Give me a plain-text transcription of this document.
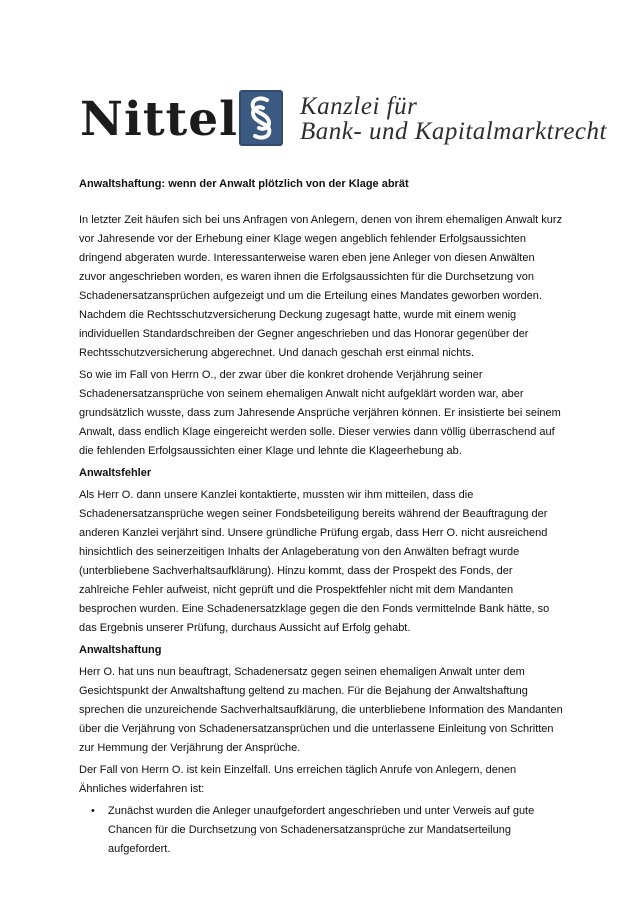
Nittel Kanzlei für
Bank- und Kapitalmarktrecht
Anwaltshaftung: wenn der Anwalt plötzlich von der Klage abrät

In letzter Zeit häufen sich bei uns Anfragen von Anlegern, denen von ihrem ehemaligen Anwalt kurz vor Jahresende vor der Erhebung einer Klage wegen angeblich fehlender Erfolgsaussichten dringend abgeraten wurde. Interessanterweise waren eben jene Anleger von diesen Anwälten zuvor angeschrieben worden, es waren ihnen die Erfolgsaussichten für die Durchsetzung von Schadenersatzansprüchen aufgezeigt und um die Erteilung eines Mandates geworben worden. Nachdem die Rechtsschutzversicherung Deckung zugesagt hatte, wurde mit einem wenig individuellen Standardschreiben der Gegner angeschrieben und das Honorar gegenüber der Rechtsschutzversicherung abgerechnet. Und danach geschah erst einmal nichts.

So wie im Fall von Herrn O., der zwar über die konkret drohende Verjährung seiner Schadenersatzansprüche von seinem ehemaligen Anwalt nicht aufgeklärt worden war, aber grundsätzlich wusste, dass zum Jahresende Ansprüche verjähren können. Er insistierte bei seinem Anwalt, dass endlich Klage eingereicht werden solle. Dieser verwies dann völlig überraschend auf die fehlenden Erfolgsaussichten einer Klage und lehnte die Klageerhebung ab.

Anwaltsfehler

Als Herr O. dann unsere Kanzlei kontaktierte, mussten wir ihm mitteilen, dass die Schadenersatzansprüche wegen seiner Fondsbeteiligung bereits während der Beauftragung der anderen Kanzlei verjährt sind. Unsere gründliche Prüfung ergab, dass Herr O. nicht ausreichend hinsichtlich des seinerzeitigen Inhalts der Anlageberatung von den Anwälten befragt wurde (unterbliebene Sachverhaltsaufklärung). Hinzu kommt, dass der Prospekt des Fonds, der zahlreiche Fehler aufweist, nicht geprüft und die Prospektfehler nicht mit dem Mandanten besprochen wurden. Eine Schadenersatzklage gegen die den Fonds vermittelnde Bank hätte, so das Ergebnis unserer Prüfung, durchaus Aussicht auf Erfolg gehabt.

Anwaltshaftung

Herr O. hat uns nun beauftragt, Schadenersatz gegen seinen ehemaligen Anwalt unter dem Gesichtspunkt der Anwaltshaftung geltend zu machen. Für die Bejahung der Anwaltshaftung sprechen die unzureichende Sachverhaltsaufklärung, die unterbliebene Information des Mandanten über die Verjährung von Schadenersatzansprüchen und die unterlassene Einleitung von Schritten zur Hemmung der Verjährung der Ansprüche.

Der Fall von Herrn O. ist kein Einzelfall. Uns erreichen täglich Anrufe von Anlegern, denen Ähnliches widerfahren ist:

• Zunächst wurden die Anleger unaufgefordert angeschrieben und unter Verweis auf gute Chancen für die Durchsetzung von Schadenersatzansprüche zur Mandatserteilung aufgefordert.
